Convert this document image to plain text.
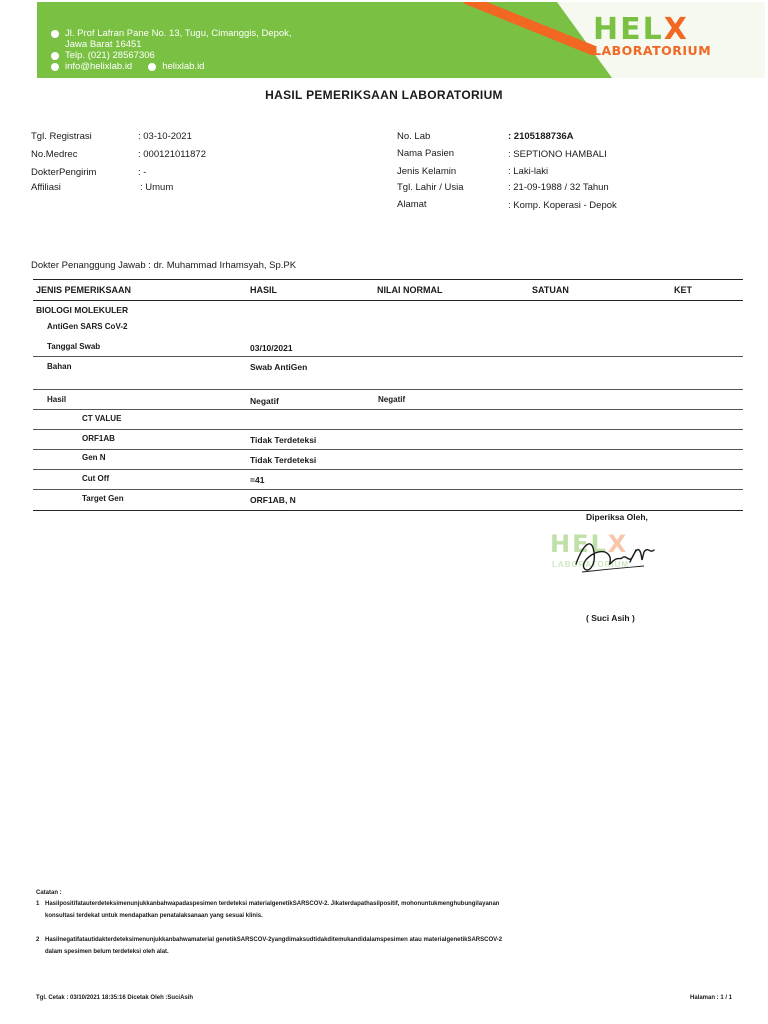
Jl. Prof Lafran Pane No. 13, Tugu, Cimanggis, Depok,
Jawa Barat 16451
Telp. (021) 28567306
info@helixlab.id	helixlab.id
HELX
LABORATORIUM
HASIL PEMERIKSAAN LABORATORIUM
Tgl. Registrasi	: 03-10-2021
No.Medrec	: 000121011872
DokterPengirim	: -
Affiliasi	: Umum
No. Lab	: 2105188736A
Nama Pasien	: SEPTIONO HAMBALI
Jenis Kelamin	: Laki-laki
Tgl. Lahir / Usia	: 21-09-1988 / 32 Tahun
Alamat	: Komp. Koperasi - Depok
Dokter Penanggung Jawab : dr. Muhammad Irhamsyah, Sp.PK
JENIS PEMERIKSAAN	HASIL	NILAI NORMAL	SATUAN	KET
BIOLOGI MOLEKULER
AntiGen SARS CoV-2
Tanggal Swab	03/10/2021
Bahan	Swab AntiGen
Hasil	Negatif	Negatif
CT VALUE
ORF1AB	Tidak Terdeteksi
Gen N	Tidak Terdeteksi
Cut Off	=41
Target Gen	ORF1AB, N
Diperiksa Oleh,
HELX
LABORATORIUM
( Suci Asih )
Catatan :
1 Hasilpositifatauterdeteksimenunjukkanbahwapadaspesimen terdeteksi materialgenetikSARSCOV-2. Jikaterdapathasilpositif, mohonuntukmenghubungilayanan
konsultasi terdekat untuk mendapatkan penatalaksanaan yang sesuai klinis.
2 Hasilnegatifatautidakterdeteksimenunjukkanbahwamaterial genetikSARSCOV-2yangdimaksudtidakditemukandidalamspesimen atau materialgenetikSARSCOV-2
dalam spesimen belum terdeteksi oleh alat.
Tgl. Cetak : 03/10/2021 18:35:16 Dicetak Oleh :SuciAsih	Halaman : 1 / 1
